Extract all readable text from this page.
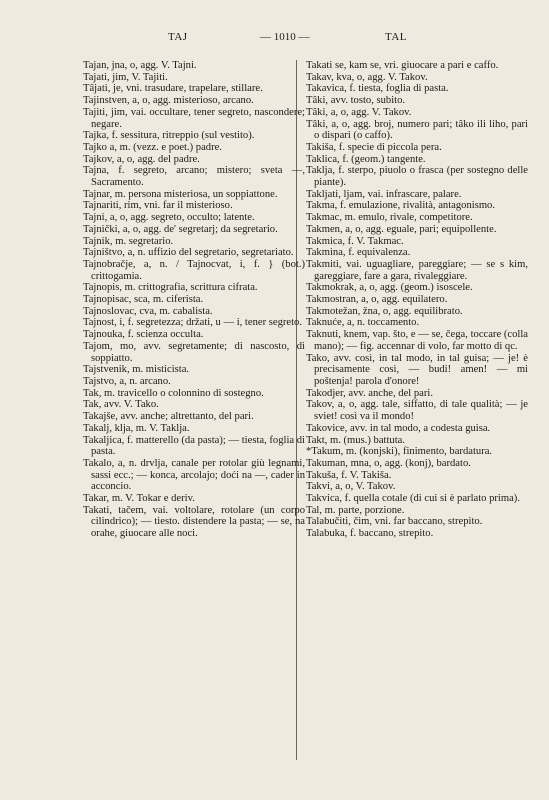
TAJ	— 1010 —	TAL

Tajan, jna, o, agg. V. Tajni.

Tajati, jim, V. Tajiti.

Tâjati, je, vni. trasudare, trapelare, stillare.

Tajinstven, a, o, agg. misterioso, arcano.

Tajiti, jim, vai. occultare, tener segreto, nascondere; negare.

Tajka, f. sessitura, ritreppio (sul vestito).

Tajko a, m. (vezz. e poet.) padre.

Tajkov, a, o, agg. del padre.

Tajna, f. segreto, arcano; mistero; sveta —, Sacramento.

Tajnar, m. persona misteriosa, un soppiattone.

Tajnariti, rim, vni. far il misterioso.

Tajni, a, o, agg. segreto, occulto; latente.

Tajnički, a, o, agg. de' segretarj; da segretario.

Tajnik, m. segretario.

Tajništvo, a, n. uffizio del segretario, segretariato.

Tajnobračje, a, n. / Tajnocvat, i, f. } (bot.) crittogamia.

Tajnopis, m. crittografia, scrittura cifrata.

Tajnopisac, sca, m. ciferista.

Tajnoslovac, cva, m. cabalista.

Tajnost, i, f. segretezza; držati, u — i, tener segreto.

Tajnouka, f. scienza occulta.

Tajom, mo, avv. segretamente; di nascosto, di soppiatto.

Tajstvenik, m. misticista.

Tajstvo, a, n. arcano.

Tak, m. travicello o colonnino di sostegno.

Tak, avv. V. Tako.

Takajše, avv. anche; altrettanto, del pari.

Takalj, klja, m. V. Taklja.

Takaljica, f. matterello (da pasta); — tiesta, foglia di pasta.

Takalo, a, n. drvlja, canale per rotolar giù legnami, sassi ecc.; — konca, arcolajo; doći na —, cader in acconcio.

Takar, m. V. Tokar e deriv.

Takati, tačem, vai. voltolare, rotolare (un corpo cilindrico); — tiesto. distendere la pasta; — se, na orahe, giuocare alle noci.

Takati se, kam se, vri. giuocare a pari e caffo.

Takav, kva, o, agg. V. Takov.

Takavica, f. tiesta, foglia di pasta.

Tâki, avv. tosto, subito.

Tâki, a, o, agg. V. Takov.

Tâki, a, o, agg. broj, numero pari; tâko ili liho, pari o dispari (o caffo).

Takiša, f. specie di piccola pera.

Taklica, f. (geom.) tangente.

Taklja, f. sterpo, piuolo o frasca (per sostegno delle piante).

Takljati, ljam, vai. infrascare, palare.

Takma, f. emulazione, rivalità, antagonismo.

Takmac, m. emulo, rivale, competitore.

Takmen, a, o, agg. eguale, pari; equipollente.

Takmica, f. V. Takmac.

Takmina, f. equivalenza.

Takmiti, vai. uguagliare, pareggiare; — se s kim, gareggiare, fare a gara, rivaleggiare.

Takmokrak, a, o, agg. (geom.) isoscele.

Takmostran, a, o, agg. equilatero.

Takmotežan, žna, o, agg. equilibrato.

Taknuće, a, n. toccamento.

Taknuti, knem, vap. što, e — se, čega, toccare (colla mano); — fig. accennar di volo, far motto di qc.

Tako, avv. così, in tal modo, in tal guisa; — je! è precisamente così, — budi! amen! — mi poštenja! parola d'onore!

Takodjer, avv. anche, del pari.

Takov, a, o, agg. tale, siffatto, di tale qualità; — je sviet! così va il mondo!

Takovice, avv. in tal modo, a codesta guisa.

Takt, m. (mus.) battuta.

*Takum, m. (konjski), finimento, bardatura.

Takuman, mna, o, agg. (konj), bardato.

Takuša, f. V. Takiša.

Takvi, a, o, V. Takov.

Takvica, f. quella cotale (di cui si è parlato prima).

Tal, m. parte, porzione.

Talabučiti, čim, vni. far baccano, strepito.

Talabuka, f. baccano, strepito.
